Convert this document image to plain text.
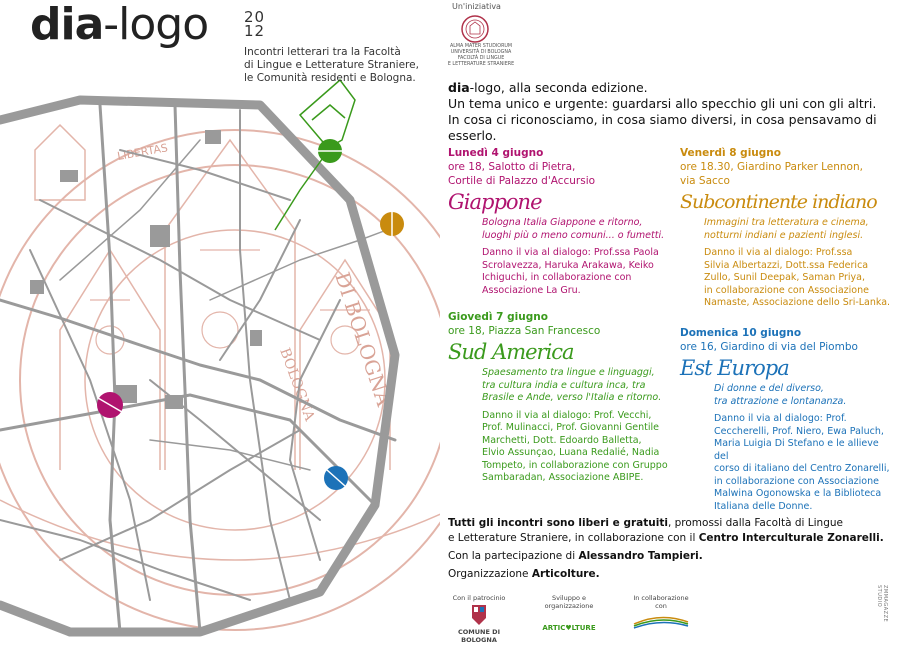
LIBERTAS
DI BOLOGNA
BOLOGNA
dia-logo 20
12
Incontri letterari tra la Facoltà
di Lingue e Letterature Straniere,
le Comunità residenti e Bologna.
Un'iniziativa
ALMA MATER STUDIORUM
UNIVERSITÀ DI BOLOGNA
FACOLTÀ DI LINGUE
E LETTERATURE STRANIERE
dia-logo, alla seconda edizione.
Un tema unico e urgente: guardarsi allo specchio gli uni con gli altri.
In cosa ci riconosciamo, in cosa siamo diversi, in cosa pensavamo di esserlo.
Lunedì 4 giugno
ore 18, Salotto di Pietra,
Cortile di Palazzo d'Accursio
Giappone
Bologna Italia Giappone e ritorno,
luoghi più o meno comuni... o fumetti.
Danno il via al dialogo: Prof.ssa Paola
Scrolavezza, Haruka Arakawa, Keiko
Ichiguchi, in collaborazione con
Associazione La Gru.
Giovedì 7 giugno
ore 18, Piazza San Francesco
Sud America
Spaesamento tra lingue e linguaggi,
tra cultura india e cultura inca, tra
Brasile e Ande, verso l'Italia e ritorno.
Danno il via al dialogo: Prof. Vecchi,
Prof. Mulinacci, Prof. Giovanni Gentile
Marchetti, Dott. Edoardo Balletta,
Elvio Assunçao, Luana Redalié, Nadia
Tompeto, in collaborazione con Gruppo
Sambaradan, Associazione ABIPE.
Venerdì 8 giugno
ore 18.30, Giardino Parker Lennon,
via Sacco
Subcontinente indiano
Immagini tra letteratura e cinema,
notturni indiani e pazienti inglesi.
Danno il via al dialogo: Prof.ssa
Silvia Albertazzi, Dott.ssa Federica
Zullo, Sunil Deepak, Saman Priya,
in collaborazione con Associazione
Namaste, Associazione dello Sri-Lanka.
Domenica 10 giugno
ore 16, Giardino di via del Piombo
Est Europa
Di donne e del diverso,
tra attrazione e lontananza.
Danno il via al dialogo: Prof.
Ceccherelli, Prof. Niero, Ewa Paluch,
Maria Luigia Di Stefano e le allieve del
corso di italiano del Centro Zonarelli,
in collaborazione con Associazione
Malwina Ogonowska e la Biblioteca
Italiana delle Donne.

Tutti gli incontri sono liberi e gratuiti, promossi dalla Facoltà di Lingue
e Letterature Straniere, in collaborazione con il Centro Interculturale Zonarelli.

Con la partecipazione di Alessandro Tampieri.

Organizzazione Articolture.

Con il patrocinio
COMUNE DI BOLOGNA
Sviluppo e
organizzazione
ARTIC♥LTURE
In collaborazione
con	ZMMAGAZZE STUDIO
